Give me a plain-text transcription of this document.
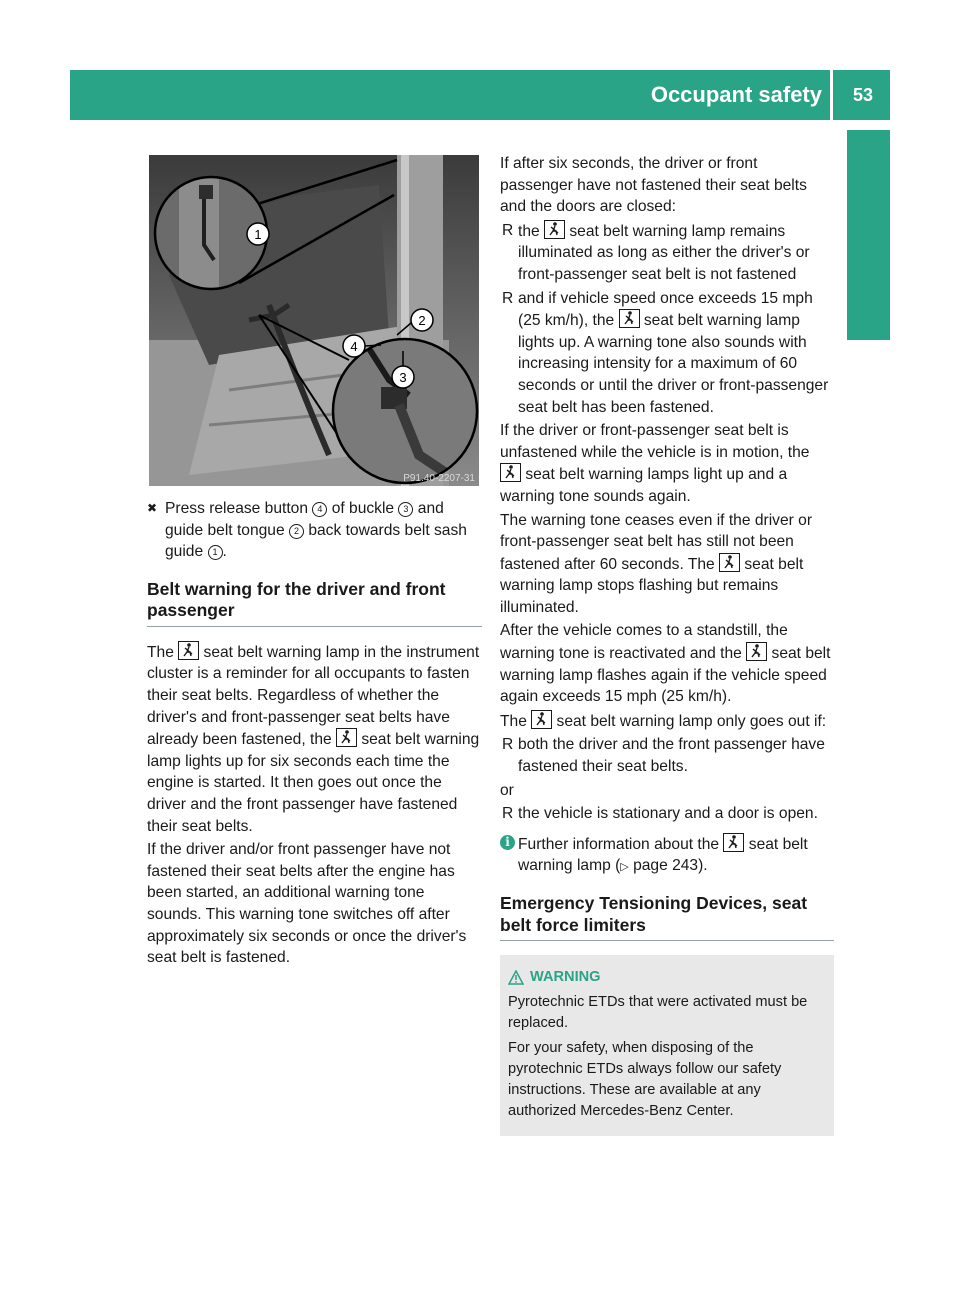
Occupant safety	53
Safety
1
2
4
3
P91.40-2207-31
✖ Press release button 4 of buckle 3 and guide belt tongue 2 back towards belt sash guide 1 .
Belt warning for the driver and front passenger

The
seat belt warning lamp in the instrument cluster is a reminder for all occupants to fasten their seat belts. Regardless of whether the driver's and front-passenger seat belts have already been fastened, the
seat belt warning lamp lights up for six seconds each time the engine is started. It then goes out once the driver and the front passenger have fastened their seat belts.

If the driver and/or front passenger have not fastened their seat belts after the engine has been started, an additional warning tone sounds. This warning tone switches off after approximately six seconds or once the driver's seat belt is fastened.

If after six seconds, the driver or front passenger have not fastened their seat belts and the doors are closed:

R the
seat belt warning lamp remains illuminated as long as either the driver's or front-passenger seat belt is not fastened
R and if vehicle speed once exceeds 15 mph (25 km/h), the
seat belt warning lamp lights up. A warning tone also sounds with increasing intensity for a maximum of 60 seconds or until the driver or front-passenger seat belt has been fastened.

If the driver or front-passenger seat belt is unfastened while the vehicle is in motion, the
seat belt warning lamps light up and a warning tone sounds again.

The warning tone ceases even if the driver or front-passenger seat belt has still not been fastened after 60 seconds. The
seat belt warning lamp stops flashing but remains illuminated.

After the vehicle comes to a standstill, the warning tone is reactivated and the
seat belt warning lamp flashes again if the vehicle speed again exceeds 15 mph (25 km/h).

The
seat belt warning lamp only goes out if:

R both the driver and the front passenger have fastened their seat belts.

or

R the vehicle is stationary and a door is open.
i Further information about the
seat belt warning lamp (▷ page 243).
Emergency Tensioning Devices, seat belt force limiters
WARNING

Pyrotechnic ETDs that were activated must be replaced.

For your safety, when disposing of the pyrotechnic ETDs always follow our safety instructions. These are available at any authorized Mercedes-Benz Center.
